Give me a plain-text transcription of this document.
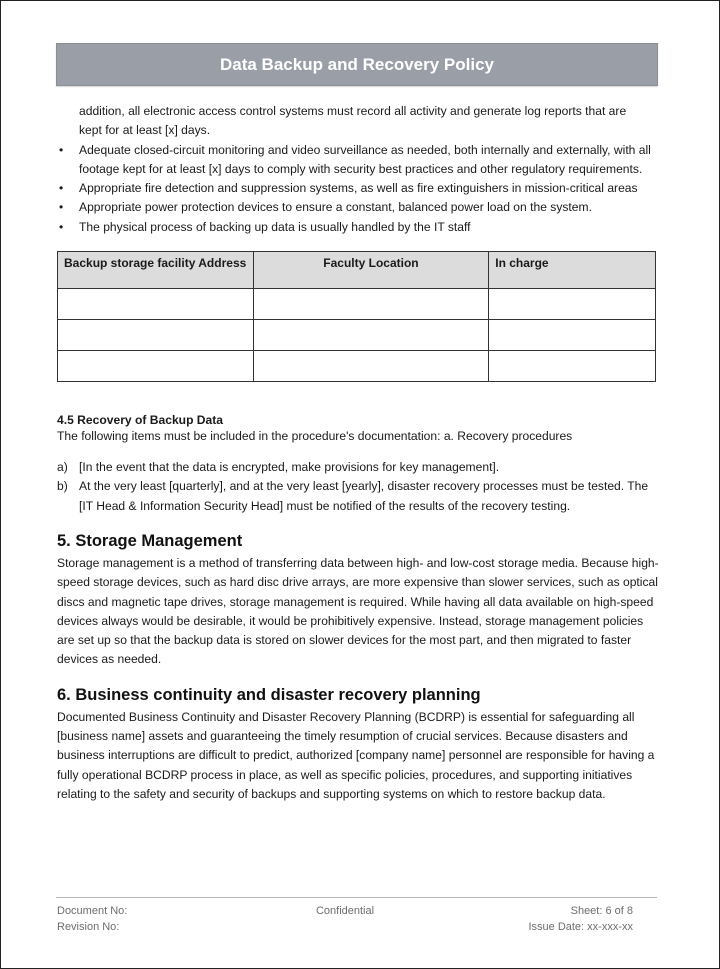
Data Backup and Recovery Policy

addition, all electronic access control systems must record all activity and generate log reports that are

kept for at least [x] days.

• Adequate closed-circuit monitoring and video surveillance as needed, both internally and externally, with all footage kept for at least [x] days to comply with security best practices and other regulatory requirements.
• Appropriate fire detection and suppression systems, as well as fire extinguishers in mission-critical areas
• Appropriate power protection devices to ensure a constant, balanced power load on the system.
• The physical process of backing up data is usually handled by the IT staff
Backup storage facility Address	Faculty Location	In charge

4.5 Recovery of Backup Data
The following items must be included in the procedure's documentation: a. Recovery procedures
a) [In the event that the data is encrypted, make provisions for key management].
b) At the very least [quarterly], and at the very least [yearly], disaster recovery processes must be tested. The [IT Head & Information Security Head] must be notified of the results of the recovery testing.
5. Storage Management

Storage management is a method of transferring data between high- and low-cost storage media. Because high-speed storage devices, such as hard disc drive arrays, are more expensive than slower services, such as optical discs and magnetic tape drives, storage management is required. While having all data available on high-speed devices always would be desirable, it would be prohibitively expensive. Instead, storage management policies are set up so that the backup data is stored on slower devices for the most part, and then migrated to faster devices as needed.

6. Business continuity and disaster recovery planning

Documented Business Continuity and Disaster Recovery Planning (BCDRP) is essential for safeguarding all [business name] assets and guaranteeing the timely resumption of crucial services. Because disasters and business interruptions are difficult to predict, authorized [company name] personnel are responsible for having a fully operational BCDRP process in place, as well as specific policies, procedures, and supporting initiatives relating to the safety and security of backups and supporting systems on which to restore backup data.

Document No:	Confidential	Sheet: 6 of 8
Revision No:	Issue Date: xx-xxx-xx
